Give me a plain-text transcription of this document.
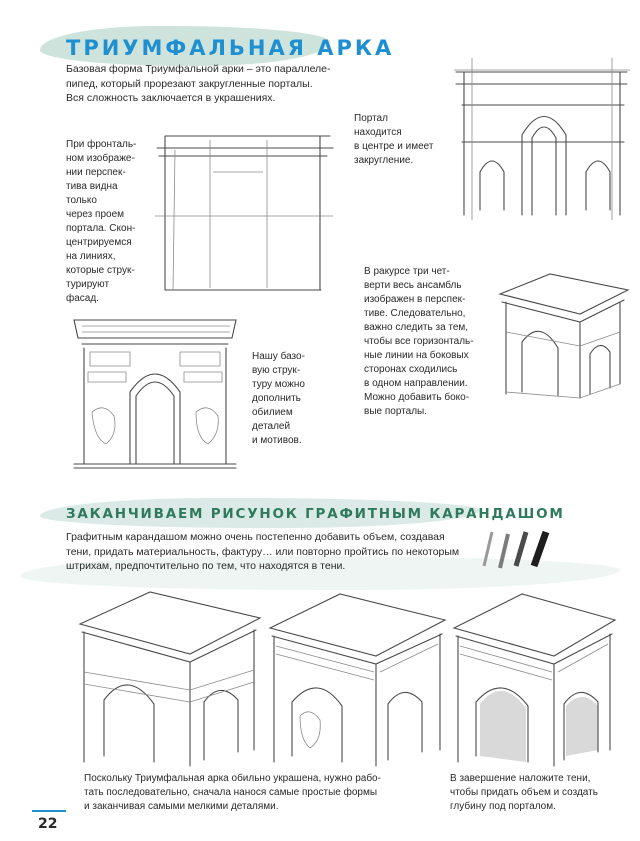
ТРИУМФАЛЬНАЯ АРКА
Базовая форма Триумфальной арки – это параллеле-
пипед, который прорезают закругленные порталы.
Вся сложность заключается в украшениях.
При фронталь-
ном изображе-
нии перспек-
тива видна
только
через проем
портала. Скон-
центрируемся
на линиях,
которые струк-
турируют
фасад.
Портал
находится
в центре и имеет
закругление.
В ракурсе три чет-
верти весь ансамбль
изображен в перспек-
тиве. Следовательно,
важно следить за тем,
чтобы все горизонталь-
ные линии на боковых
сторонах сходились
в одном направлении.
Можно добавить боко-
вые порталы.
Нашу базо-
вую струк-
туру можно
дополнить
обилием
деталей
и мотивов.
ЗАКАНЧИВАЕМ РИСУНОК ГРАФИТНЫМ КАРАНДАШОМ
Графитным карандашом можно очень постепенно добавить объем, создавая
тени, придать материальность, фактуру… или повторно пройтись по некоторым
штрихам, предпочтительно по тем, что находятся в тени.
Поскольку Триумфальная арка обильно украшена, нужно рабо-
тать последовательно, сначала нанося самые простые формы
и заканчивая самыми мелкими деталями.
В завершение наложите тени,
чтобы придать объем и создать
глубину под порталом.
22
